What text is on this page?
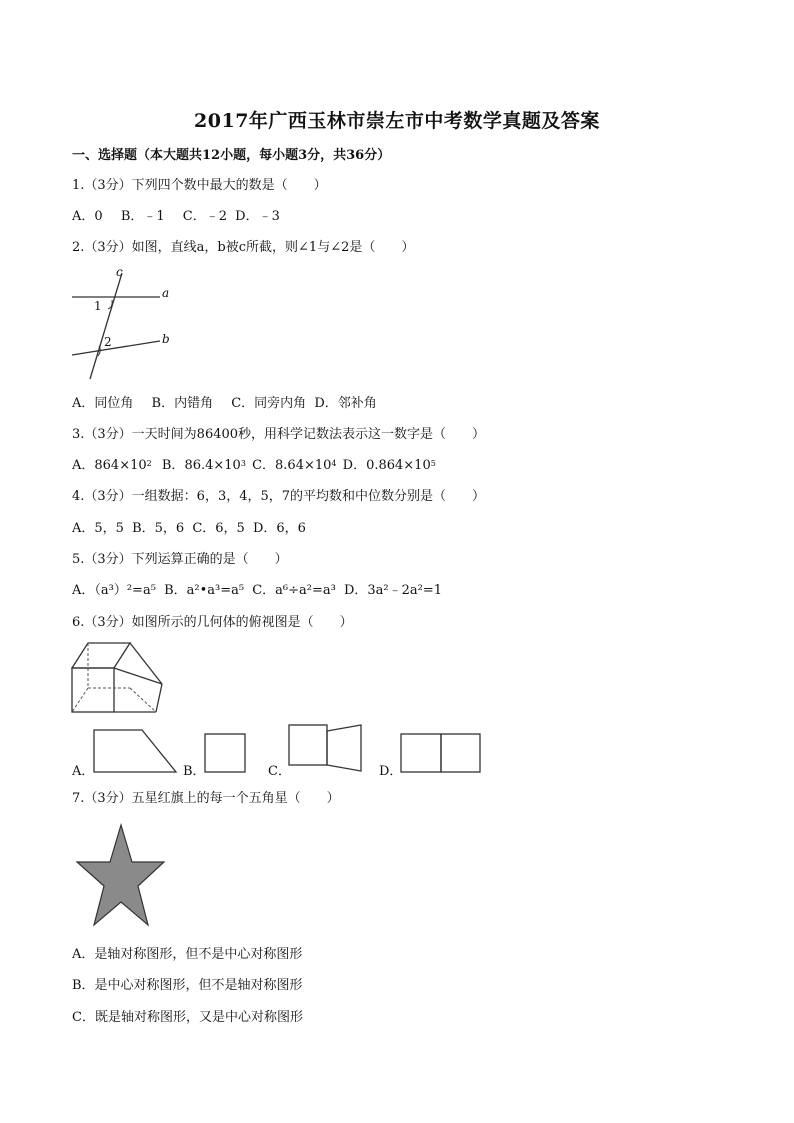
2017年广西玉林市崇左市中考数学真题及答案
一、选择题（本大题共12小题，每小题3分，共36分）
1.（3分）下列四个数中最大的数是（　　）
A．0 B．﹣1 C．﹣2 D．﹣3
2.（3分）如图，直线a，b被c所截，则∠1与∠2是（　　）
c
a
b
1
2
A．同位角 B．内错角 C．同旁内角 D．邻补角
3.（3分）一天时间为86400秒，用科学记数法表示这一数字是（　　）
A．$864\times 10^2$ B．$86.4\times 10^3$ C．$8.64\times 10^4$ D．$0.864\times 10^5$
4.（3分）一组数据：6，3，4，5，7的平均数和中位数分别是（　　）
A．5，5 B．5，6 C．6，5 D．6，6
5.（3分）下列运算正确的是（　　）
A．（a³）²=a⁵ B．a²•a³=a⁵ C．a⁶÷a²=a³ D．3a²﹣2a²=1
6.（3分）如图所示的几何体的俯视图是（　　）
A．	B．	C．	D．
7.（3分）五星红旗上的每一个五角星（　　）
A．是轴对称图形，但不是中心对称图形
B．是中心对称图形，但不是轴对称图形
C．既是轴对称图形，又是中心对称图形
